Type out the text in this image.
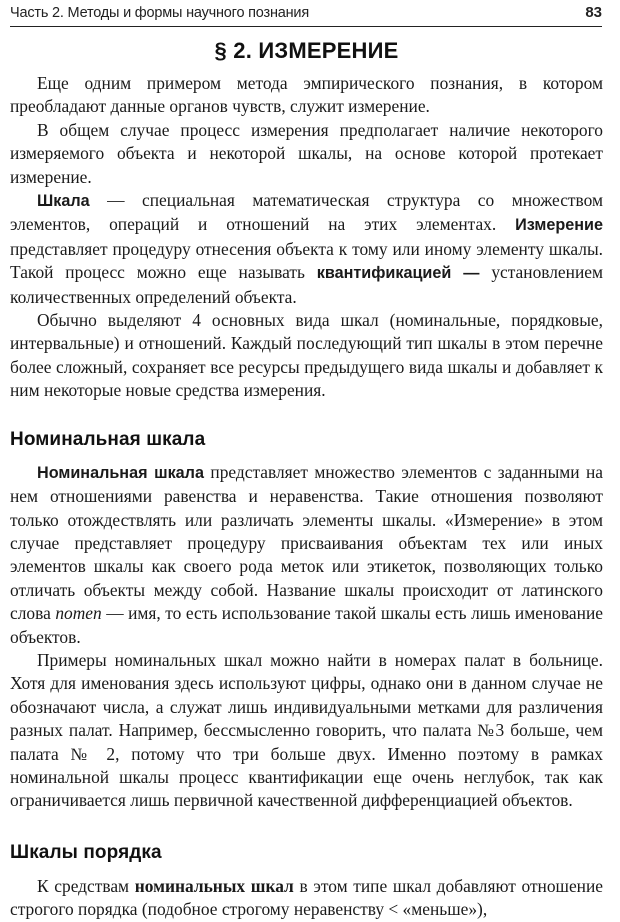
Часть 2. Методы и формы научного познания	83
§ 2. ИЗМЕРЕНИЕ

Еще одним примером метода эмпирического познания, в котором преобладают данные органов чувств, служит измерение.

В общем случае процесс измерения предполагает наличие некоторого измеряемого объекта и некоторой шкалы, на основе которой протекает измерение.

Шкала — специальная математическая структура со множеством элементов, операций и отношений на этих элементах. Измерение представляет процедуру отнесения объекта к тому или иному элементу шкалы. Такой процесс можно еще называть квантификацией — установлением количественных определений объекта.

Обычно выделяют 4 основных вида шкал (номинальные, порядковые, интервальные) и отношений. Каждый последующий тип шкалы в этом перечне более сложный, сохраняет все ресурсы предыдущего вида шкалы и добавляет к ним некоторые новые средства измерения.

Номинальная шкала

Номинальная шкала представляет множество элементов с заданными на нем отношениями равенства и неравенства. Такие отношения позволяют только отождествлять или различать элементы шкалы. «Измерение» в этом случае представляет процедуру присваивания объектам тех или иных элементов шкалы как своего рода меток или этикеток, позволяющих только отличать объекты между собой. Название шкалы происходит от латинского слова nomen — имя, то есть использование такой шкалы есть лишь именование объектов.

Примеры номинальных шкал можно найти в номерах палат в больнице. Хотя для именования здесь используют цифры, однако они в данном случае не обозначают числа, а служат лишь индивидуальными метками для различения разных палат. Например, бессмысленно говорить, что палата №3 больше, чем палата № 2, потому что три больше двух. Именно поэтому в рамках номинальной шкалы процесс квантификации еще очень неглубок, так как ограничивается лишь первичной качественной дифференциацией объектов.

Шкалы порядка

К средствам номинальных шкал в этом типе шкал добавляют отношение строгого порядка (подобное строгому неравенству < «меньше»),
